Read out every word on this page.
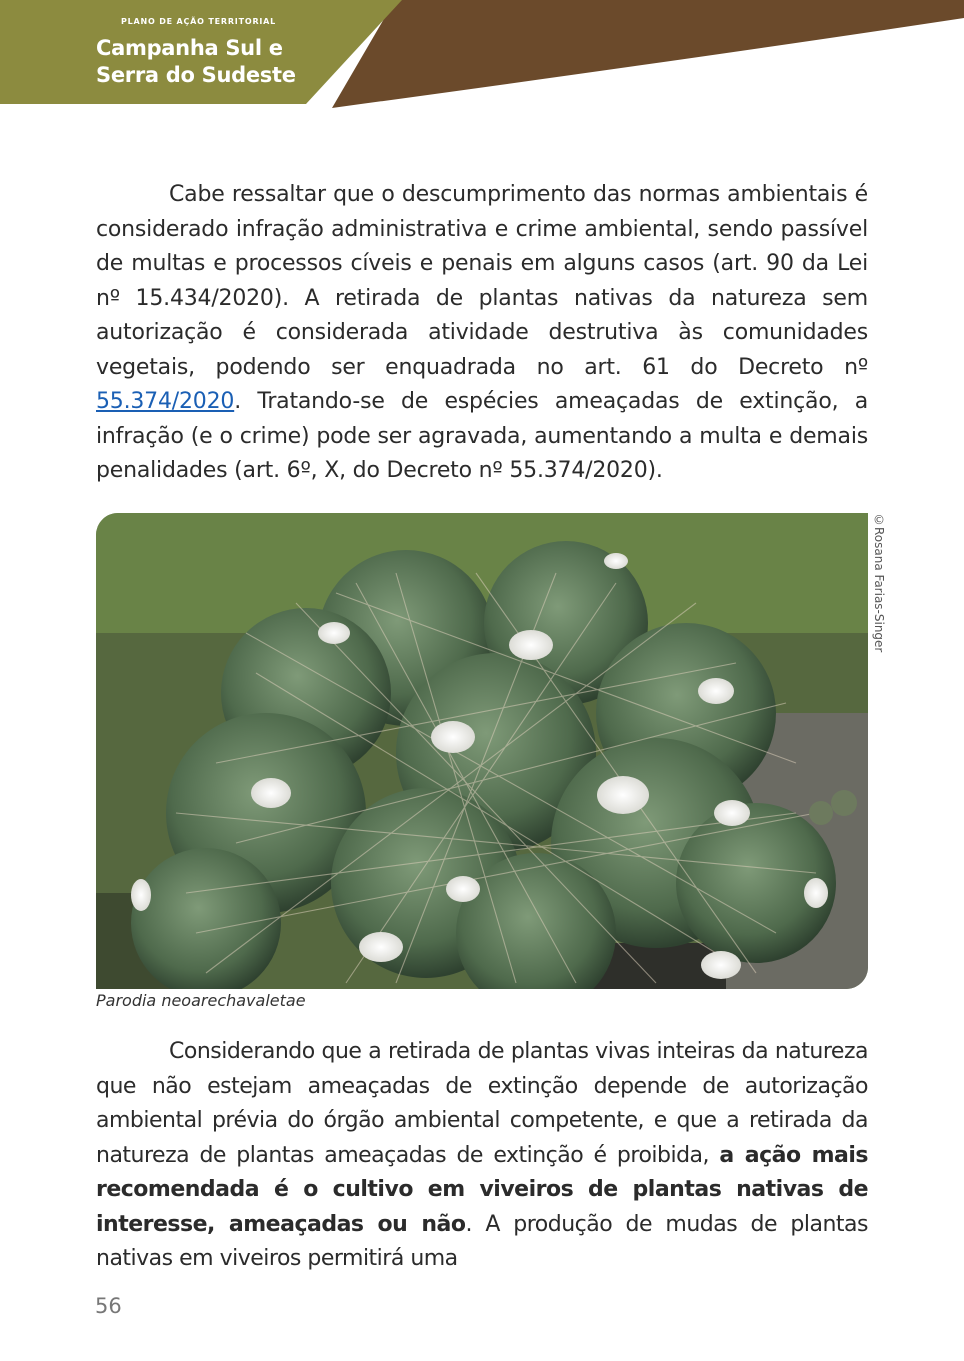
PLANO DE AÇÃO TERRITORIAL
Campanha Sul e
Serra do Sudeste

Cabe ressaltar que o descumprimento das normas ambientais é considerado infração administrativa e crime ambiental, sendo passível de multas e processos cíveis e penais em alguns casos (art. 90 da Lei nº 15.434/2020). A retirada de plantas nativas da natureza sem autorização é considerada atividade destrutiva às comunidades vegetais, podendo ser enquadrada no art. 61 do Decreto nº 55.374/2020. Tratando-se de espécies ameaçadas de extinção, a infração (e o crime) pode ser agravada, aumentando a multa e demais penalidades (art. 6º, X, do Decreto nº 55.374/2020).

©Rosana Farias-Singer
Parodia neoarechavaletae

Considerando que a retirada de plantas vivas inteiras da natureza que não estejam ameaçadas de extinção depende de autorização ambiental prévia do órgão ambiental competente, e que a retirada da natureza de plantas ameaçadas de extinção é proibida, a ação mais recomendada é o cultivo em viveiros de plantas nativas de interesse, ameaçadas ou não. A produção de mudas de plantas nativas em viveiros permitirá uma

56
